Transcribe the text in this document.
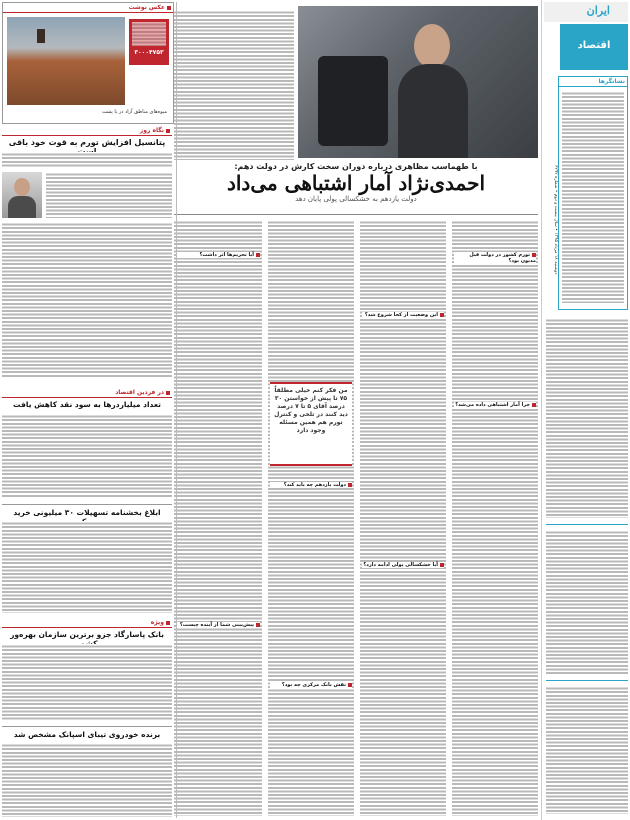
ایران
اقتصاد
دوشنبه ۱۸ مرداد ۱۳۹۵ • سال بیست و دوم • شماره ۶۲۹۲
نشانگرها
با طهماسب مظاهری درباره دوران سخت کارش در دولت دهم:
احمدی‌نژاد آمار اشتباهی می‌داد
دولت یازدهم به خشکسالی پولی پایان دهد
تورم کشور در دولت قبل مدیون بود؟
چرا آمار اشتباهی داده می‌شد؟
این وضعیت از کجا شروع شد؟
آیا خشکسالی پولی ادامه دارد؟
دولت یازدهم چه باید کند؟
نقش بانک مرکزی چه بود؟
آیا تحریم‌ها اثر داشت؟
پیش‌بینی شما از آینده چیست؟
من فکر کنم خیلی مطلقاً ۷۵ تا پیش از خواستن ۳۰ درصد آقای ۵ تا ۷ درصد دید کنند در تلخی و کنترل تورم هم همین مسئله وجود دارد
عکس نوشت
۳۰۰۰۴۷۵۳
میوه‌های مناطق آزاد در یا پشت
نگاه روز
پتانسیل افزایش تورم به قوت خود باقی
در فردین اقتصاد
تعداد میلیاردرها به سود نقد کاهش یافت
ابلاغ بخشنامه تسهیلات ۳۰ میلیونی خرید
ویژه
بانک پاسارگاد جزو برترین سازمان بهره‌ور
برنده خودروی تیبای اسپانک مشخص شد
